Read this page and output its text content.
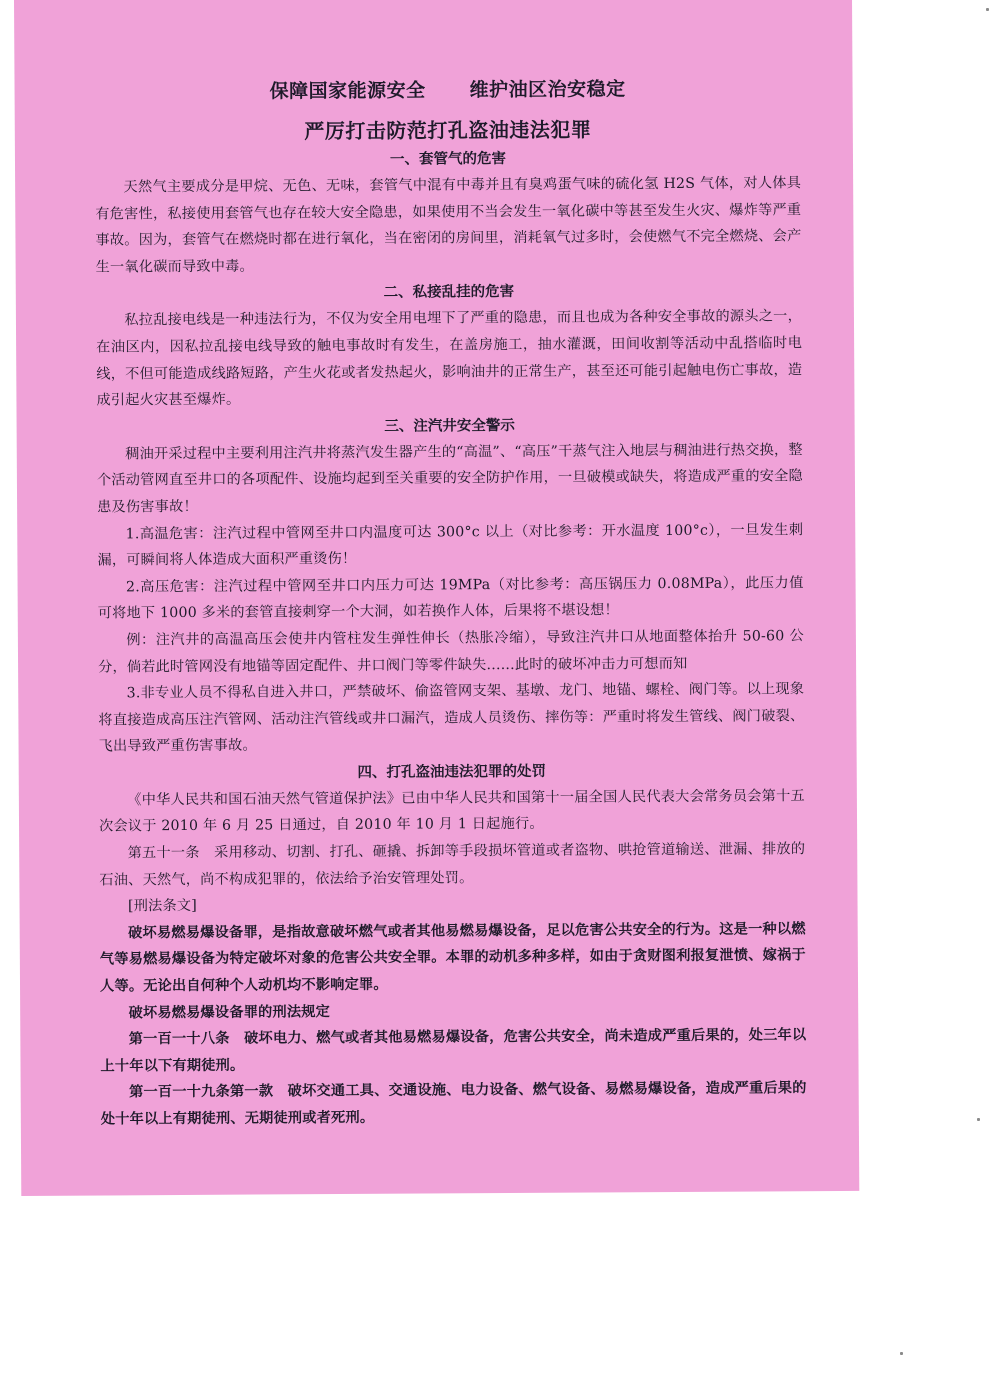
保障国家能源安全 维护油区治安稳定
严厉打击防范打孔盗油违法犯罪
一、套管气的危害

天然气主要成分是甲烷、无色、无味，套管气中混有中毒并且有臭鸡蛋气味的硫化氢 H2S 气体，对人体具有危害性，私接使用套管气也存在较大安全隐患，如果使用不当会发生一氧化碳中等甚至发生火灾、爆炸等严重事故。因为，套管气在燃烧时都在进行氧化，当在密闭的房间里，消耗氧气过多时，会使燃气不完全燃烧、会产生一氧化碳而导致中毒。

二、私接乱挂的危害

私拉乱接电线是一种违法行为，不仅为安全用电埋下了严重的隐患，而且也成为各种安全事故的源头之一，在油区内，因私拉乱接电线导致的触电事故时有发生，在盖房施工，抽水灌溉，田间收割等活动中乱搭临时电线，不但可能造成线路短路，产生火花或者发热起火，影响油井的正常生产，甚至还可能引起触电伤亡事故，造成引起火灾甚至爆炸。

三、注汽井安全警示

稠油开采过程中主要利用注汽井将蒸汽发生器产生的“高温”、“高压”干蒸气注入地层与稠油进行热交换，整个活动管网直至井口的各项配件、设施均起到至关重要的安全防护作用，一旦破模或缺失，将造成严重的安全隐患及伤害事故！

1.高温危害：注汽过程中管网至井口内温度可达 300°c 以上（对比参考：开水温度 100°c），一旦发生刺漏，可瞬间将人体造成大面积严重烫伤！

2.高压危害：注汽过程中管网至井口内压力可达 19MPa（对比参考：高压锅压力 0.08MPa），此压力值可将地下 1000 多米的套管直接刺穿一个大洞，如若换作人体，后果将不堪设想！

例：注汽井的高温高压会使井内管柱发生弹性伸长（热胀冷缩），导致注汽井口从地面整体抬升 50-60 公分，倘若此时管网没有地锚等固定配件、井口阀门等零件缺失......此时的破坏冲击力可想而知

3.非专业人员不得私自进入井口，严禁破坏、偷盗管网支架、基墩、龙门、地锚、螺栓、阀门等。以上现象将直接造成高压注汽管网、活动注汽管线或井口漏汽，造成人员烫伤、摔伤等：严重时将发生管线、阀门破裂、飞出导致严重伤害事故。

四、打孔盗油违法犯罪的处罚

《中华人民共和国石油天然气管道保护法》已由中华人民共和国第十一届全国人民代表大会常务员会第十五次会议于 2010 年 6 月 25 日通过，自 2010 年 10 月 1 日起施行。

第五十一条　采用移动、切割、打孔、砸撬、拆卸等手段损坏管道或者盗物、哄抢管道输送、泄漏、排放的石油、天然气，尚不构成犯罪的，依法给予治安管理处罚。

[刑法条文]

破坏易燃易爆设备罪，是指故意破坏燃气或者其他易燃易爆设备，足以危害公共安全的行为。这是一种以燃气等易燃易爆设备为特定破坏对象的危害公共安全罪。本罪的动机多种多样，如由于贪财图利报复泄愤、嫁祸于人等。无论出自何种个人动机均不影响定罪。

破坏易燃易爆设备罪的刑法规定

第一百一十八条　破坏电力、燃气或者其他易燃易爆设备，危害公共安全，尚未造成严重后果的，处三年以上十年以下有期徒刑。

第一百一十九条第一款　破坏交通工具、交通设施、电力设备、燃气设备、易燃易爆设备，造成严重后果的处十年以上有期徒刑、无期徒刑或者死刑。
